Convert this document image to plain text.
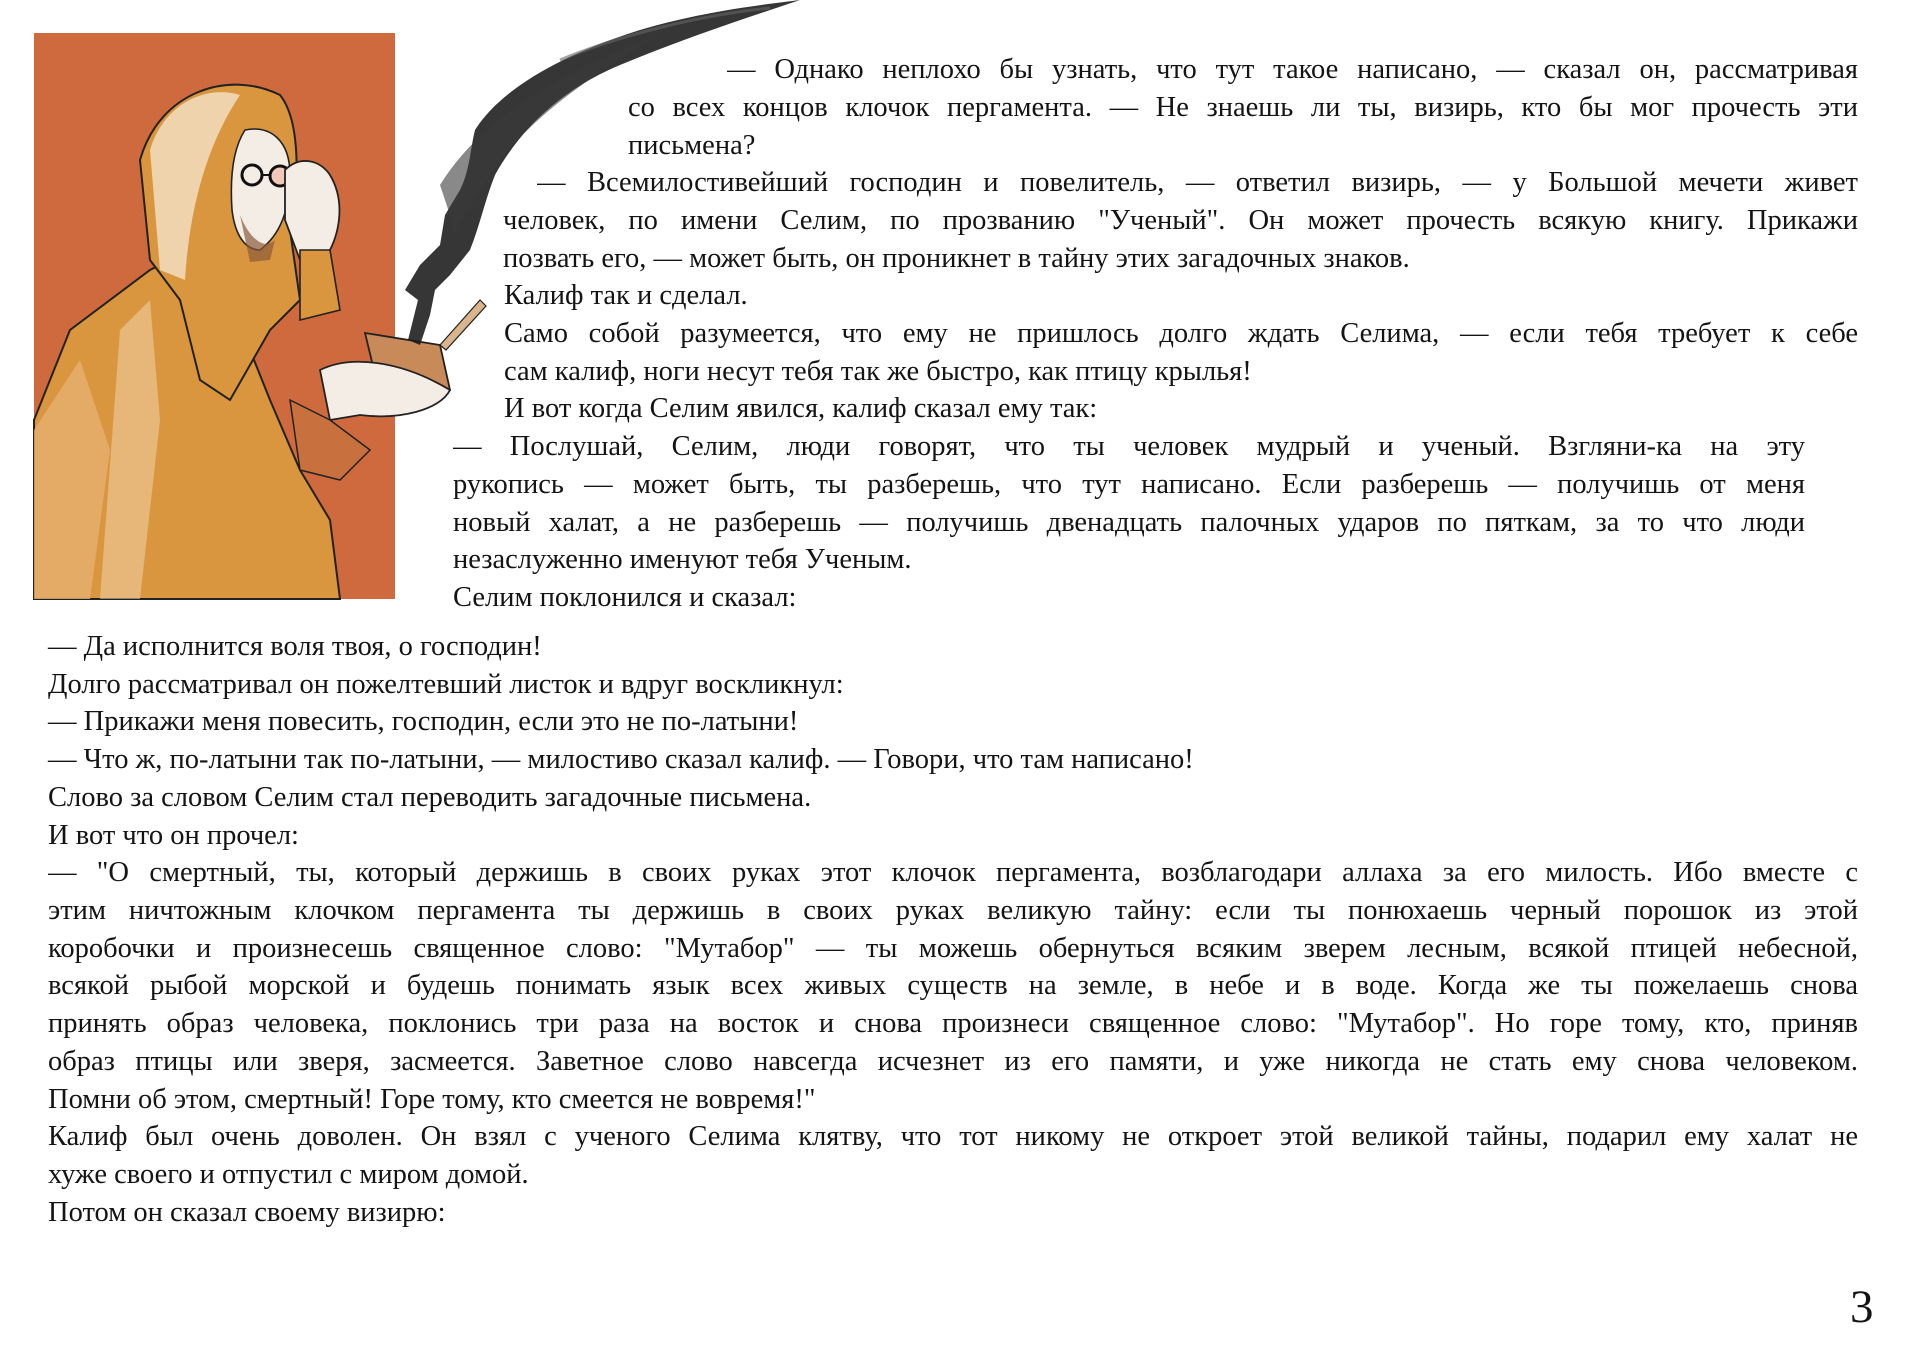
— Однако неплохо бы узнать, что тут такое написано, — сказал он, рассматривая
со всех концов клочок пергамента. — Не знаешь ли ты, визирь, кто бы мог прочесть эти
письмена?
— Всемилостивейший господин и повелитель, — ответил визирь, — у Большой мечети живет
человек, по имени Селим, по прозванию "Ученый". Он может прочесть всякую книгу. Прикажи
позвать его, — может быть, он проникнет в тайну этих загадочных знаков.
Калиф так и сделал.
Само собой разумеется, что ему не пришлось долго ждать Селима, — если тебя требует к себе
сам калиф, ноги несут тебя так же быстро, как птицу крылья!
И вот когда Селим явился, калиф сказал ему так:
— Послушай, Селим, люди говорят, что ты человек мудрый и ученый. Взгляни-ка на эту
рукопись — может быть, ты разберешь, что тут написано. Если разберешь — получишь от меня
новый халат, а не разберешь — получишь двенадцать палочных ударов по пяткам, за то что люди
незаслуженно именуют тебя Ученым.
Селим поклонился и сказал:
— Да исполнится воля твоя, о господин!
Долго рассматривал он пожелтевший листок и вдруг воскликнул:
— Прикажи меня повесить, господин, если это не по-латыни!
— Что ж, по-латыни так по-латыни, — милостиво сказал калиф. — Говори, что там написано!
Слово за словом Селим стал переводить загадочные письмена.
И вот что он прочел:
— "О смертный, ты, который держишь в своих руках этот клочок пергамента, возблагодари аллаха за его милость. Ибо вместе с
этим ничтожным клочком пергамента ты держишь в своих руках великую тайну: если ты понюхаешь черный порошок из этой
коробочки и произнесешь священное слово: "Мутабор" — ты можешь обернуться всяким зверем лесным, всякой птицей небесной,
всякой рыбой морской и будешь понимать язык всех живых существ на земле, в небе и в воде. Когда же ты пожелаешь снова
принять образ человека, поклонись три раза на восток и снова произнеси священное слово: "Мутабор". Но горе тому, кто, приняв
образ птицы или зверя, засмеется. Заветное слово навсегда исчезнет из его памяти, и уже никогда не стать ему снова человеком.
Помни об этом, смертный! Горе тому, кто смеется не вовремя!"
Калиф был очень доволен. Он взял с ученого Селима клятву, что тот никому не откроет этой великой тайны, подарил ему халат не
хуже своего и отпустил с миром домой.
Потом он сказал своему визирю:
3
